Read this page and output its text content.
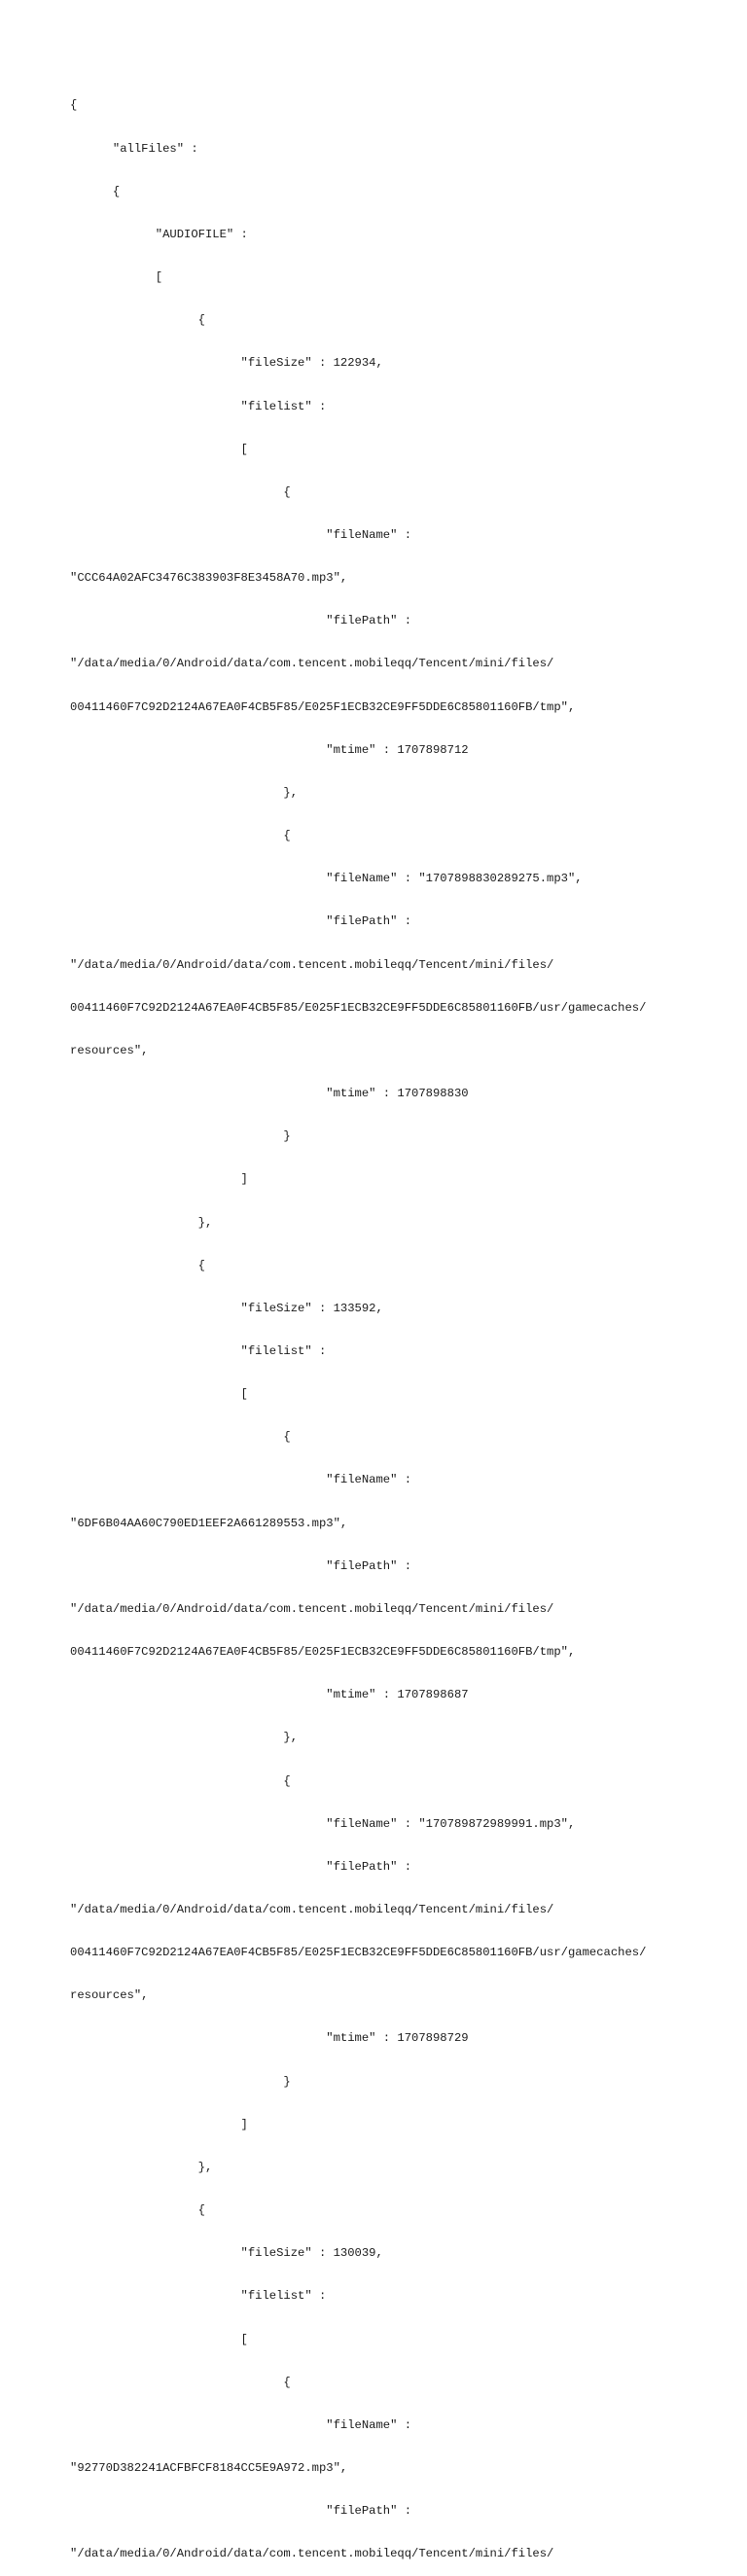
{

"allFiles" :

{

"AUDIOFILE" :

[

{

"fileSize" : 122934,

"filelist" :

[

{

"fileName" :

"CCC64A02AFC3476C383903F8E3458A70.mp3",

"filePath" :

"/data/media/0/Android/data/com.tencent.mobileqq/Tencent/mini/files/

00411460F7C92D2124A67EA0F4CB5F85/E025F1ECB32CE9FF5DDE6C85801160FB/tmp",

"mtime" : 1707898712

},

{

"fileName" : "1707898830289275.mp3",

"filePath" :

"/data/media/0/Android/data/com.tencent.mobileqq/Tencent/mini/files/

00411460F7C92D2124A67EA0F4CB5F85/E025F1ECB32CE9FF5DDE6C85801160FB/usr/gamecaches/

resources",

"mtime" : 1707898830

}

]

},

{

"fileSize" : 133592,

"filelist" :

[

{

"fileName" :

"6DF6B04AA60C790ED1EEF2A661289553.mp3",

"filePath" :

"/data/media/0/Android/data/com.tencent.mobileqq/Tencent/mini/files/

00411460F7C92D2124A67EA0F4CB5F85/E025F1ECB32CE9FF5DDE6C85801160FB/tmp",

"mtime" : 1707898687

},

{

"fileName" : "170789872989991.mp3",

"filePath" :

"/data/media/0/Android/data/com.tencent.mobileqq/Tencent/mini/files/

00411460F7C92D2124A67EA0F4CB5F85/E025F1ECB32CE9FF5DDE6C85801160FB/usr/gamecaches/

resources",

"mtime" : 1707898729

}

]

},

{

"fileSize" : 130039,

"filelist" :

[

{

"fileName" :

"92770D382241ACFBFCF8184CC5E9A972.mp3",

"filePath" :

"/data/media/0/Android/data/com.tencent.mobileqq/Tencent/mini/files/
